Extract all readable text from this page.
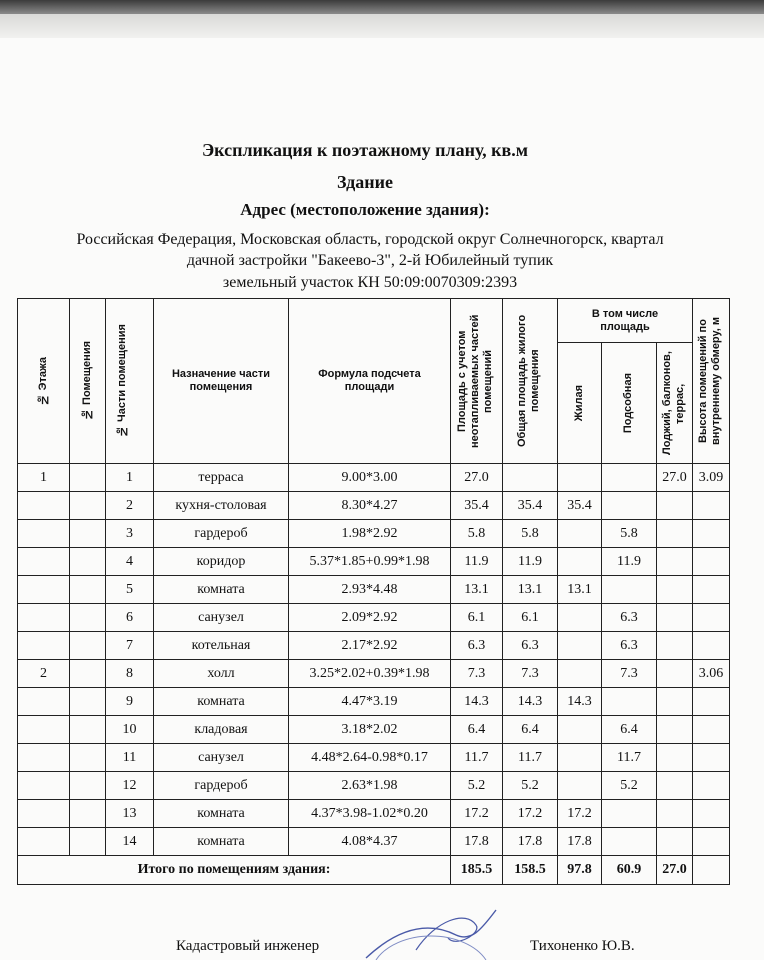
Экспликация к поэтажному плану, кв.м
Здание
Адрес (местоположение здания):
Российская Федерация, Московская область, городской округ Солнечногорск, квартал
дачной застройки "Бакеево-3", 2-й Юбилейный тупик
земельный участок КН 50:09:0070309:2393
№ Этажа	№ Помещения	№ Части помещения	Назначение части помещения	Формула подсчета площади	Площадь с учетом неотапливаемых частей помещений	Общая площадь жилого помещения	В том числе площадь			Высота помещений по внутреннему обмеру, м

							Жилая	Подсобная	Лоджий, балконов, террас,	

1		1	терраса	9.00*3.00	27.0				27.0	3.09
		2	кухня-столовая	8.30*4.27	35.4	35.4	35.4			
		3	гардероб	1.98*2.92	5.8	5.8		5.8		
		4	коридор	5.37*1.85+0.99*1.98	11.9	11.9		11.9		
		5	комната	2.93*4.48	13.1	13.1	13.1			
		6	санузел	2.09*2.92	6.1	6.1		6.3		
		7	котельная	2.17*2.92	6.3	6.3		6.3		
2		8	холл	3.25*2.02+0.39*1.98	7.3	7.3		7.3		3.06
		9	комната	4.47*3.19	14.3	14.3	14.3			
		10	кладовая	3.18*2.02	6.4	6.4		6.4		
		11	санузел	4.48*2.64-0.98*0.17	11.7	11.7		11.7		
		12	гардероб	2.63*1.98	5.2	5.2		5.2		
		13	комната	4.37*3.98-1.02*0.20	17.2	17.2	17.2			
		14	комната	4.08*4.37	17.8	17.8	17.8			
Итого по помещениям здания:					185.5	158.5	97.8	60.9	27.0	
Кадастровый инженер	Тихоненко Ю.В.
